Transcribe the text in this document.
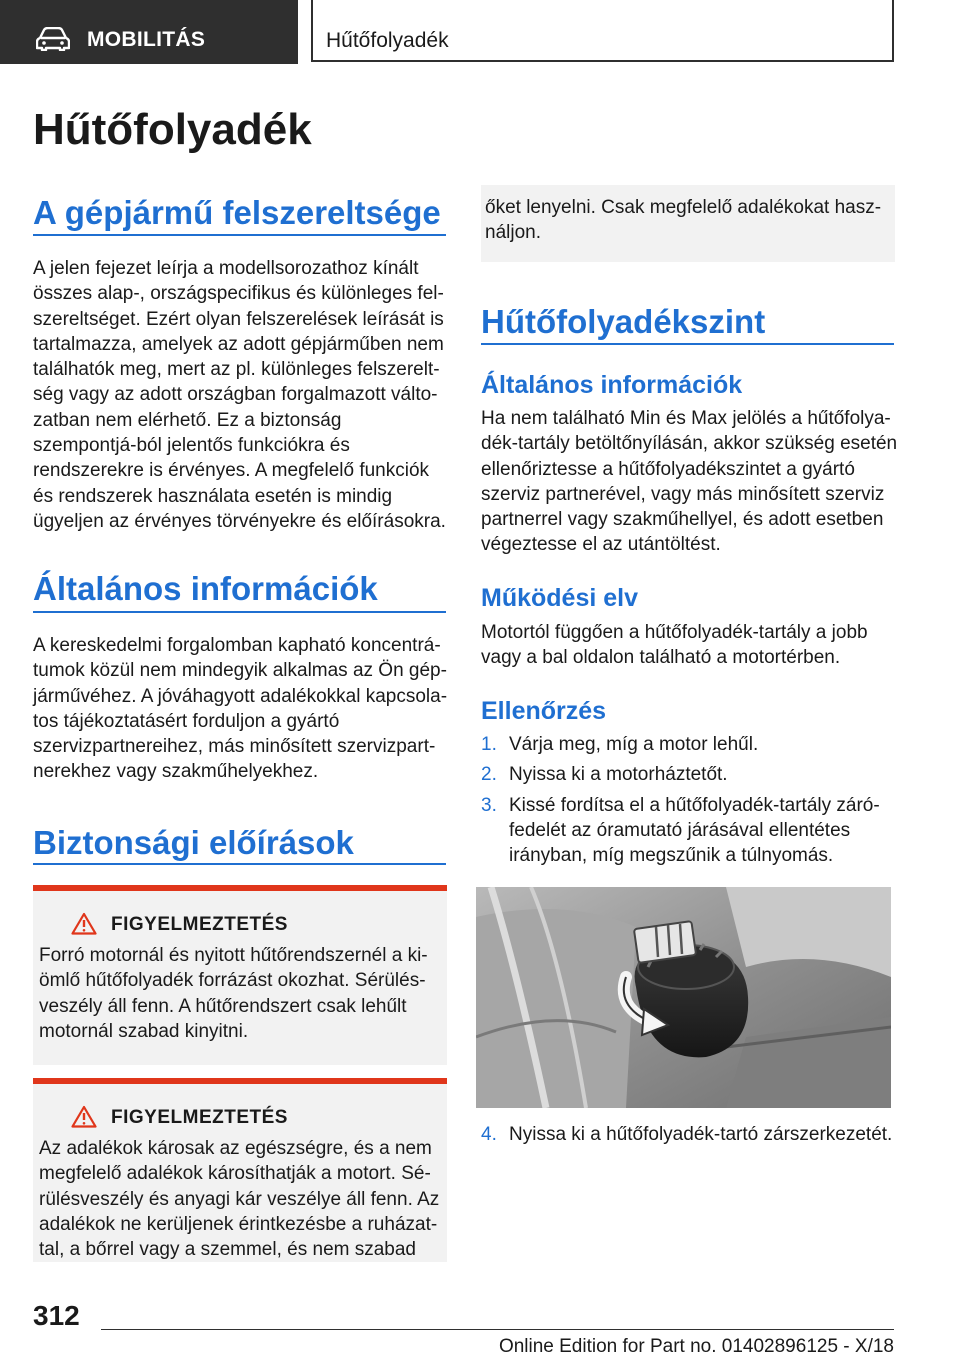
MOBILITÁS	Hűtőfolyadék
Hűtőfolyadék
A gépjármű felszereltsége

A jelen fejezet leírja a modellsorozathoz kínált összes alap-, országspecifikus és különleges fel‐szereltséget. Ezért olyan felszerelések leírását is tartalmazza, amelyek az adott gépjárműben nem találhatók meg, mert az pl. különleges felszerelt‐ség vagy az adott országban forgalmazott válto‐zatban nem elérhető. Ez a biztonság szempontjá‐ból jelentős funkciókra és rendszerekre is érvényes. A megfelelő funkciók és rendszerek használata esetén is mindig ügyeljen az érvényes törvényekre és előírásokra.

Általános információk

A kereskedelmi forgalomban kapható koncentrá‐tumok közül nem mindegyik alkalmas az Ön gép‐járművéhez. A jóváhagyott adalékokkal kapcsola‐tos tájékoztatásért forduljon a gyártó szervizpartnereihez, más minősített szervizpart‐nerekhez vagy szakműhelyekhez.

Biztonsági előírások
FIGYELMEZTETÉS

Forró motornál és nyitott hűtőrendszernél a ki‐ömlő hűtőfolyadék forrázást okozhat. Sérülés‐veszély áll fenn. A hűtőrendszert csak lehűlt motornál szabad kinyitni.

FIGYELMEZTETÉS

Az adalékok károsak az egészségre, és a nem megfelelő adalékok károsíthatják a motort. Sé‐rülésveszély és anyagi kár veszélye áll fenn. Az adalékok ne kerüljenek érintkezésbe a ruházat‐tal, a bőrrel vagy a szemmel, és nem szabad

őket lenyelni. Csak megfelelő adalékokat hasz‐náljon.

Hűtőfolyadékszint
Általános információk

Ha nem található Min és Max jelölés a hűtőfolya‐dék-tartály betöltőnyílásán, akkor szükség esetén ellenőriztesse a hűtőfolyadékszintet a gyártó szerviz partnerével, vagy más minősített szerviz partnerrel vagy szakműhellyel, és adott esetben végeztesse el az utántöltést.

Működési elv

Motortól függően a hűtőfolyadék-tartály a jobb vagy a bal oldalon található a motortérben.

Ellenőrzés
1. Várja meg, míg a motor lehűl.
2. Nyissa ki a motorháztetőt.
3. Kissé fordítsa el a hűtőfolyadék-tartály záró‐fedelét az óramutató járásával ellentétes irányban, míg megszűnik a túlnyomás.
4. Nyissa ki a hűtőfolyadék-tartó zárszerkezetét.
312
Online Edition for Part no. 01402896125 - X/18
